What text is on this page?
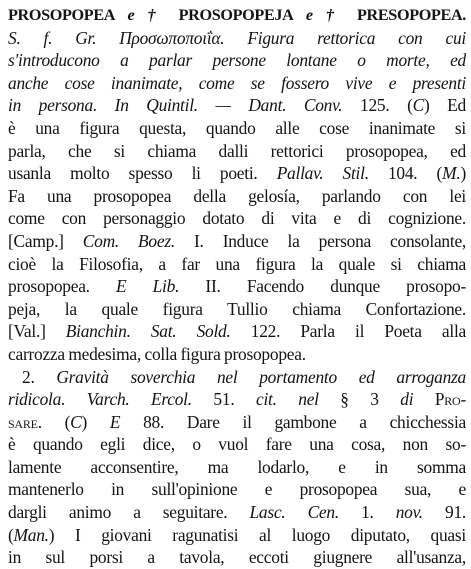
PROSOPOPEA e † PROSOPOPEJA e † PRESOPOPEA.
S. f. Gr. Προσωποποιΐα. Figura rettorica con cui
s'introducono a parlar persone lontane o morte, ed
anche cose inanimate, come se fossero vive e presenti
in persona. In Quintil. — Dant. Conv. 125. (C) Ed
è una figura questa, quando alle cose inanimate si
parla, che si chiama dalli rettorici prosopopea, ed
usanla molto spesso li poeti. Pallav. Stil. 104. (M.)
Fa una prosopopea della gelosía, parlando con lei
come con personaggio dotato di vita e di cognizione.
[Camp.] Com. Boez. I. Induce la persona consolante,
cioè la Filosofia, a far una figura la quale si chiama
prosopopea. E Lib. II. Facendo dunque prosopo-
peja, la quale figura Tullio chiama Confortazione.
[Val.] Bianchin. Sat. Sold. 122. Parla il Poeta alla
carrozza medesima, colla figura prosopopea.
2. Gravità soverchia nel portamento ed arroganza
ridicola. Varch. Ercol. 51. cit. nel § 3 di Pro-
sare. (C) E 88. Dare il gambone a chicchessia
è quando egli dice, o vuol fare una cosa, non so-
lamente acconsentire, ma lodarlo, e in somma
mantenerlo in sull'opinione e prosopopea sua, e
dargli animo a seguitare. Lasc. Cen. 1. nov. 91.
(Man.) I giovani ragunatisi al luogo diputato, quasi
in sul porsi a tavola, eccoti giugnere all'usanza,
